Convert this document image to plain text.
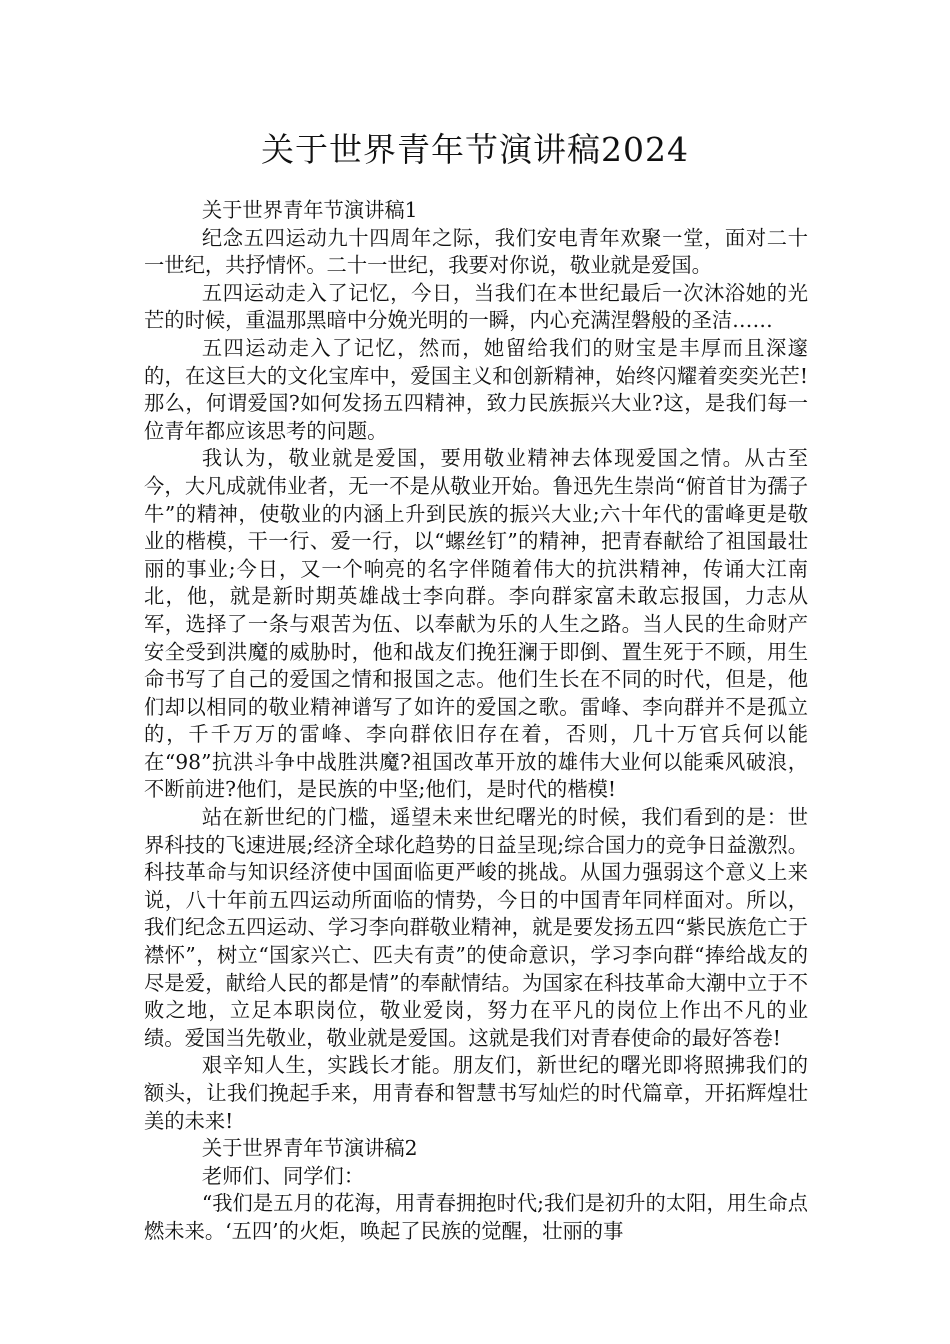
关于世界青年节演讲稿2024

关于世界青年节演讲稿1

纪念五四运动九十四周年之际，我们安电青年欢聚一堂，面对二十一世纪，共抒情怀。二十一世纪，我要对你说，敬业就是爱国。

五四运动走入了记忆，今日，当我们在本世纪最后一次沐浴她的光芒的时候，重温那黑暗中分娩光明的一瞬，内心充满涅磐般的圣洁……

五四运动走入了记忆，然而，她留给我们的财宝是丰厚而且深邃的，在这巨大的文化宝库中，爱国主义和创新精神，始终闪耀着奕奕光芒!那么，何谓爱国?如何发扬五四精神，致力民族振兴大业?这，是我们每一位青年都应该思考的问题。

我认为，敬业就是爱国，要用敬业精神去体现爱国之情。从古至今，大凡成就伟业者，无一不是从敬业开始。鲁迅先生崇尚“俯首甘为孺子牛”的精神，使敬业的内涵上升到民族的振兴大业;六十年代的雷峰更是敬业的楷模，干一行、爱一行，以“螺丝钉”的精神，把青春献给了祖国最壮丽的事业;今日，又一个响亮的名字伴随着伟大的抗洪精神，传诵大江南北，他，就是新时期英雄战士李向群。李向群家富未敢忘报国，力志从军，选择了一条与艰苦为伍、以奉献为乐的人生之路。当人民的生命财产安全受到洪魔的威胁时，他和战友们挽狂澜于即倒、置生死于不顾，用生命书写了自己的爱国之情和报国之志。他们生长在不同的时代，但是，他们却以相同的敬业精神谱写了如许的爱国之歌。雷峰、李向群并不是孤立的，千千万万的雷峰、李向群依旧存在着，否则，几十万官兵何以能在“98”抗洪斗争中战胜洪魔?祖国改革开放的雄伟大业何以能乘风破浪，不断前进?他们，是民族的中坚;他们，是时代的楷模!

站在新世纪的门槛，遥望未来世纪曙光的时候，我们看到的是：世界科技的飞速进展;经济全球化趋势的日益呈现;综合国力的竞争日益激烈。科技革命与知识经济使中国面临更严峻的挑战。从国力强弱这个意义上来说，八十年前五四运动所面临的情势，今日的中国青年同样面对。所以，我们纪念五四运动、学习李向群敬业精神，就是要发扬五四“紫民族危亡于襟怀”，树立“国家兴亡、匹夫有责”的使命意识，学习李向群“捧给战友的尽是爱，献给人民的都是情”的奉献情结。为国家在科技革命大潮中立于不败之地，立足本职岗位，敬业爱岗，努力在平凡的岗位上作出不凡的业绩。爱国当先敬业，敬业就是爱国。这就是我们对青春使命的最好答卷!

艰辛知人生，实践长才能。朋友们，新世纪的曙光即将照拂我们的额头，让我们挽起手来，用青春和智慧书写灿烂的时代篇章，开拓辉煌壮美的未来!

关于世界青年节演讲稿2

老师们、同学们：

“我们是五月的花海，用青春拥抱时代;我们是初升的太阳，用生命点燃未来。‘五四’的火炬，唤起了民族的觉醒，壮丽的事
